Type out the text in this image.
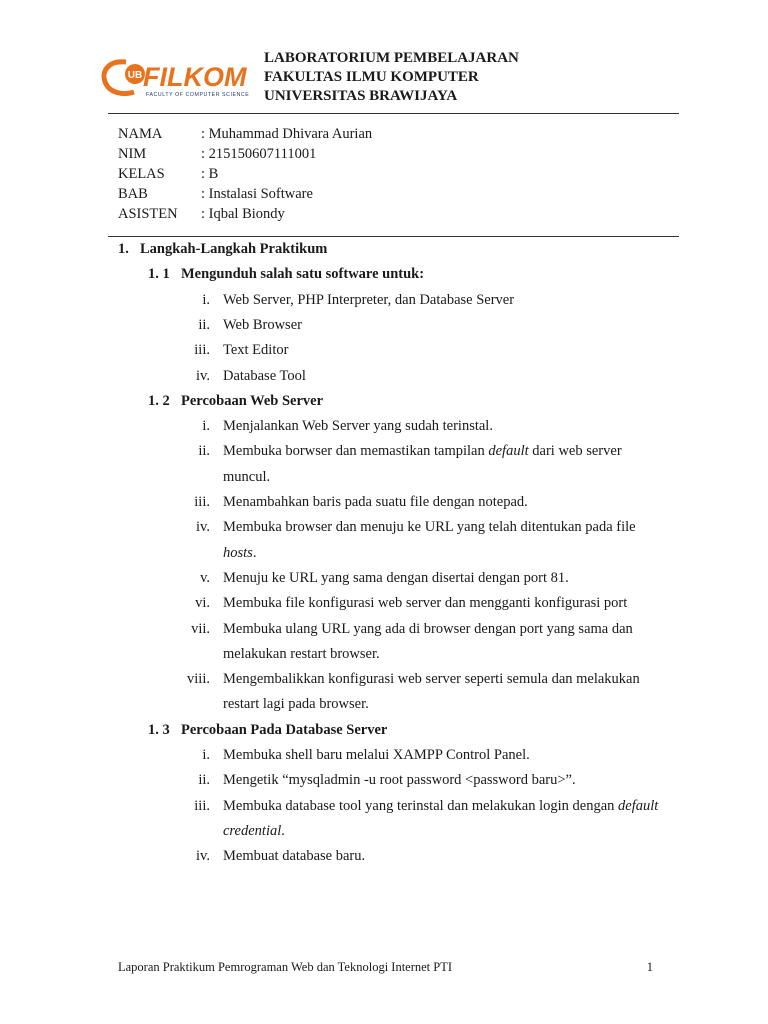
UB FILKOM
FACULTY OF COMPUTER SCIENCE
LABORATORIUM PEMBELAJARAN
FAKULTAS ILMU KOMPUTER
UNIVERSITAS BRAWIJAYA
NAMA	: Muhammad Dhivara Aurian
NIM	: 215150607111001
KELAS	: B
BAB	: Instalasi Software
ASISTEN : Iqbal Biondy
1. Langkah-Langkah Praktikum
1. 1 Mengunduh salah satu software untuk:
i. Web Server, PHP Interpreter, dan Database Server
ii. Web Browser
iii. Text Editor
iv. Database Tool
1. 2 Percobaan Web Server
i. Menjalankan Web Server yang sudah terinstal.
ii. Membuka borwser dan memastikan tampilan default dari web server
muncul.
iii. Menambahkan baris pada suatu file dengan notepad.
iv. Membuka browser dan menuju ke URL yang telah ditentukan pada file
hosts.
v. Menuju ke URL yang sama dengan disertai dengan port 81.
vi. Membuka file konfigurasi web server dan mengganti konfigurasi port
vii. Membuka ulang URL yang ada di browser dengan port yang sama dan
melakukan restart browser.
viii. Mengembalikkan konfigurasi web server seperti semula dan melakukan
restart lagi pada browser.
1. 3 Percobaan Pada Database Server
i. Membuka shell baru melalui XAMPP Control Panel.
ii. Mengetik “mysqladmin -u root password <password baru>”.
iii. Membuka database tool yang terinstal dan melakukan login dengan default
credential.
iv. Membuat database baru.
Laporan Praktikum Pemrograman Web dan Teknologi Internet PTI	1
